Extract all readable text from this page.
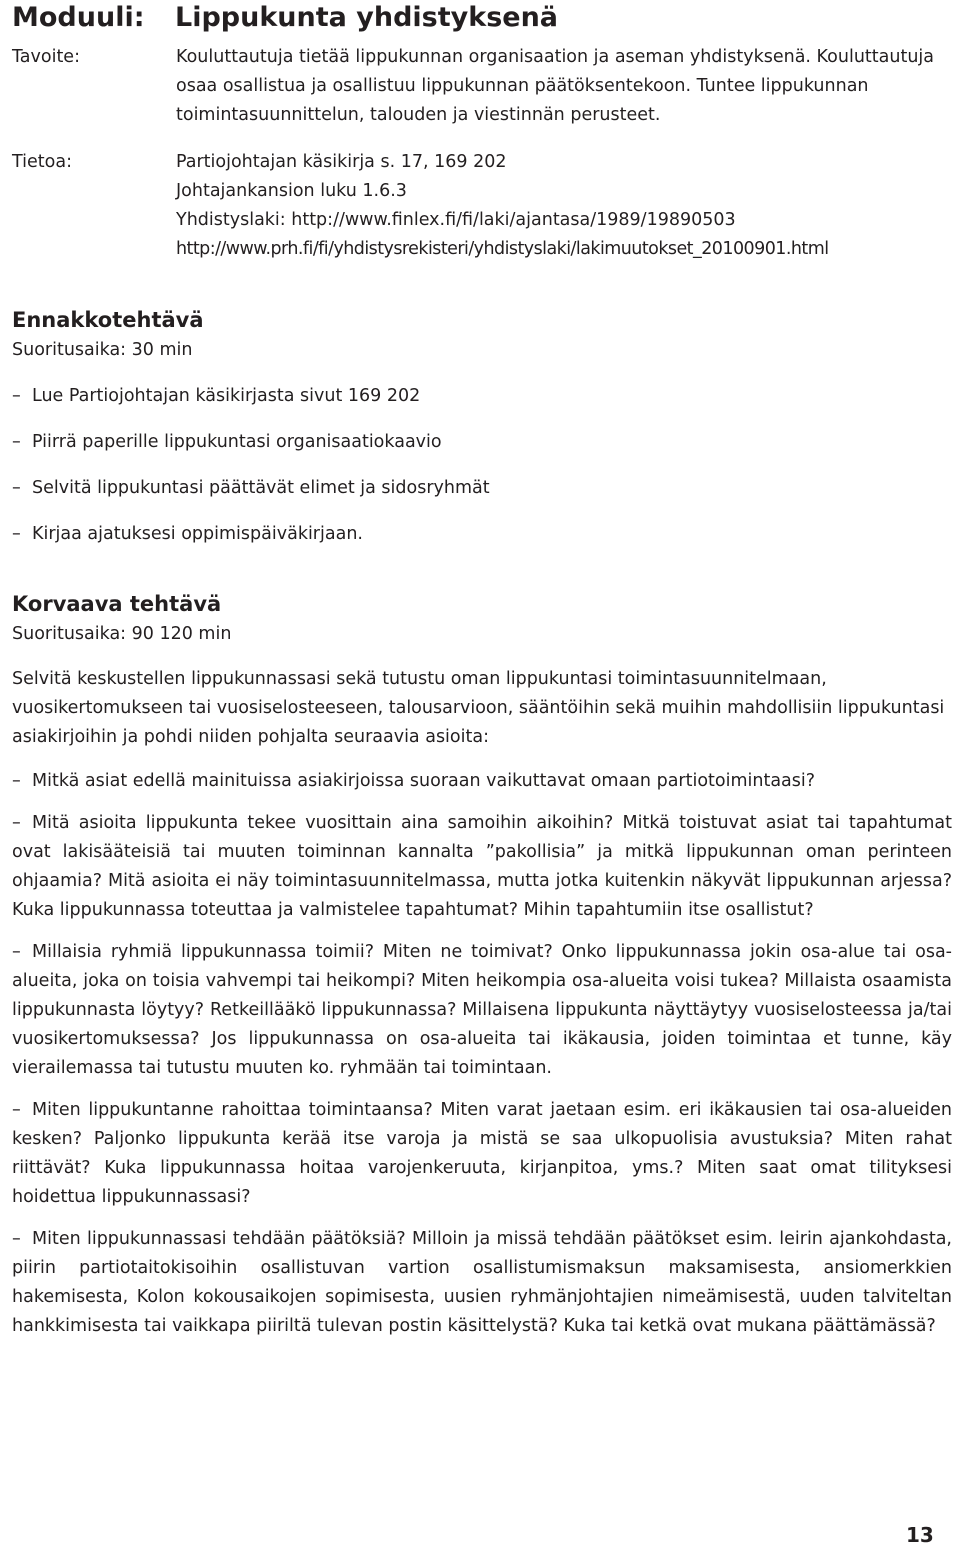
Moduuli: Lippukunta yhdistyksenä
Tavoite:	Kouluttautuja tietää lippukunnan organisaation ja aseman yhdistyksenä. Kouluttautuja osaa osallistua ja osallistuu lippukunnan päätöksentekoon. Tuntee lippukunnan toimintasuunnittelun, talouden ja viestinnän perusteet.
Tietoa:	Partiojohtajan käsikirja s. 17, 169 202
Johtajankansion luku 1.6.3
Yhdistyslaki: http://www.finlex.fi/fi/laki/ajantasa/1989/19890503
http://www.prh.fi/fi/yhdistysrekisteri/yhdistyslaki/lakimuutokset_20100901.html
Ennakkotehtävä
Suoritusaika: 30 min
– Lue Partiojohtajan käsikirjasta sivut 169 202
– Piirrä paperille lippukuntasi organisaatiokaavio
– Selvitä lippukuntasi päättävät elimet ja sidosryhmät
– Kirjaa ajatuksesi oppimispäiväkirjaan.
Korvaava tehtävä
Suoritusaika: 90 120 min
Selvitä keskustellen lippukunnassasi sekä tutustu oman lippukuntasi toimintasuunnitelmaan, vuosikertomukseen tai vuosiselosteeseen, talousarvioon, sääntöihin sekä muihin mahdollisiin lippukuntasi asiakirjoihin ja pohdi niiden pohjalta seuraavia asioita:
– Mitkä asiat edellä mainituissa asiakirjoissa suoraan vaikuttavat omaan partiotoimintaasi?
– Mitä asioita lippukunta tekee vuosittain aina samoihin aikoihin? Mitkä toistuvat asiat tai tapahtumat ovat lakisääteisiä tai muuten toiminnan kannalta ”pakollisia” ja mitkä lippukunnan oman perinteen ohjaamia? Mitä asioita ei näy toimintasuunnitelmassa, mutta jotka kuitenkin näkyvät lippukunnan arjessa? Kuka lippukunnassa toteuttaa ja valmistelee tapahtumat? Mihin tapahtumiin itse osallistut?
– Millaisia ryhmiä lippukunnassa toimii? Miten ne toimivat? Onko lippukunnassa jokin osa-alue tai osa-alueita, joka on toisia vahvempi tai heikompi? Miten heikompia osa-alueita voisi tukea? Millaista osaamista lippukunnasta löytyy? Retkeillääkö lippukunnassa? Millaisena lippukunta näyttäytyy vuosiselosteessa ja/tai vuosikertomuksessa? Jos lippukunnassa on osa-alueita tai ikäkausia, joiden toimintaa et tunne, käy vierailemassa tai tutustu muuten ko. ryhmään tai toimintaan.
– Miten lippukuntanne rahoittaa toimintaansa? Miten varat jaetaan esim. eri ikäkausien tai osa-alueiden kesken? Paljonko lippukunta kerää itse varoja ja mistä se saa ulkopuolisia avustuksia? Miten rahat riittävät? Kuka lippukunnassa hoitaa varojenkeruuta, kirjanpitoa, yms.? Miten saat omat tilityksesi hoidettua lippukunnassasi?
– Miten lippukunnassasi tehdään päätöksiä? Milloin ja missä tehdään päätökset esim. leirin ajankohdasta, piirin partiotaitokisoihin osallistuvan vartion osallistumismaksun maksamisesta, ansiomerkkien hakemisesta, Kolon kokousaikojen sopimisesta, uusien ryhmänjohtajien nimeämisestä, uuden talviteltan hankkimisesta tai vaikkapa piiriltä tulevan postin käsittelystä? Kuka tai ketkä ovat mukana päättämässä?
13
